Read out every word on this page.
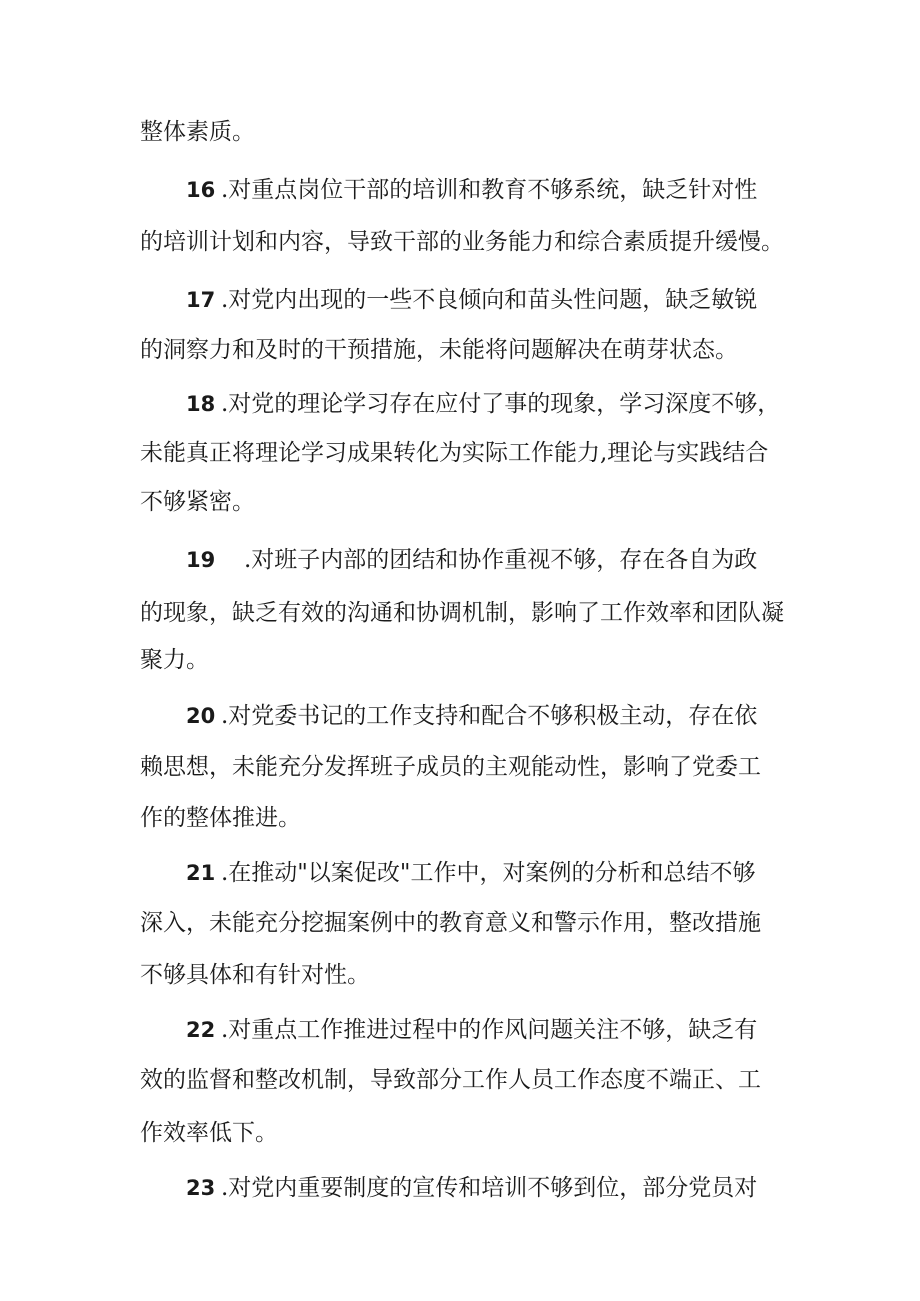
整体素质。
16 .对重点岗位干部的培训和教育不够系统，缺乏针对性
的培训计划和内容，导致干部的业务能力和综合素质提升缓慢。
17 .对党内出现的一些不良倾向和苗头性问题，缺乏敏锐
的洞察力和及时的干预措施，未能将问题解决在萌芽状态。
18 .对党的理论学习存在应付了事的现象，学习深度不够，
未能真正将理论学习成果转化为实际工作能力,理论与实践结合
不够紧密。
19 .对班子内部的团结和协作重视不够，存在各自为政
的现象，缺乏有效的沟通和协调机制，影响了工作效率和团队凝
聚力。
20 .对党委书记的工作支持和配合不够积极主动，存在依
赖思想，未能充分发挥班子成员的主观能动性，影响了党委工
作的整体推进。
21 .在推动"以案促改"工作中，对案例的分析和总结不够
深入，未能充分挖掘案例中的教育意义和警示作用，整改措施
不够具体和有针对性。
22 .对重点工作推进过程中的作风问题关注不够，缺乏有
效的监督和整改机制，导致部分工作人员工作态度不端正、工
作效率低下。
23 .对党内重要制度的宣传和培训不够到位，部分党员对
